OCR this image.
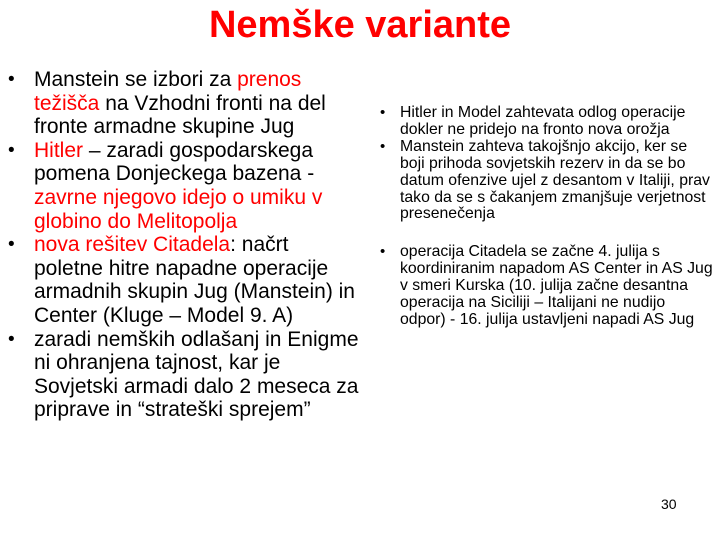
Nemške variante
• Manstein se izbori za prenos težišča na Vzhodni fronti na del fronte armadne skupine Jug
• Hitler – zaradi gospodarskega pomena Donjeckega bazena - zavrne njegovo idejo o umiku v globino do Melitopolja
• nova rešitev Citadela: načrt poletne hitre napadne operacije armadnih skupin Jug (Manstein) in Center (Kluge – Model 9. A)
• zaradi nemških odlašanj in Enigme ni ohranjena tajnost, kar je Sovjetski armadi dalo 2 meseca za priprave in “strateški sprejem”
• Hitler in Model zahtevata odlog operacije dokler ne pridejo na fronto nova orožja
• Manstein zahteva takojšnjo akcijo, ker se boji prihoda sovjetskih rezerv in da se bo datum ofenzive ujel z desantom v Italiji, prav tako da se s čakanjem zmanjšuje verjetnost presenečenja
• operacija Citadela se začne 4. julija s koordiniranim napadom AS Center in AS Jug v smeri Kurska (10. julija začne desantna operacija na Siciliji – Italijani ne nudijo odpor) - 16. julija ustavljeni napadi AS Jug
30
